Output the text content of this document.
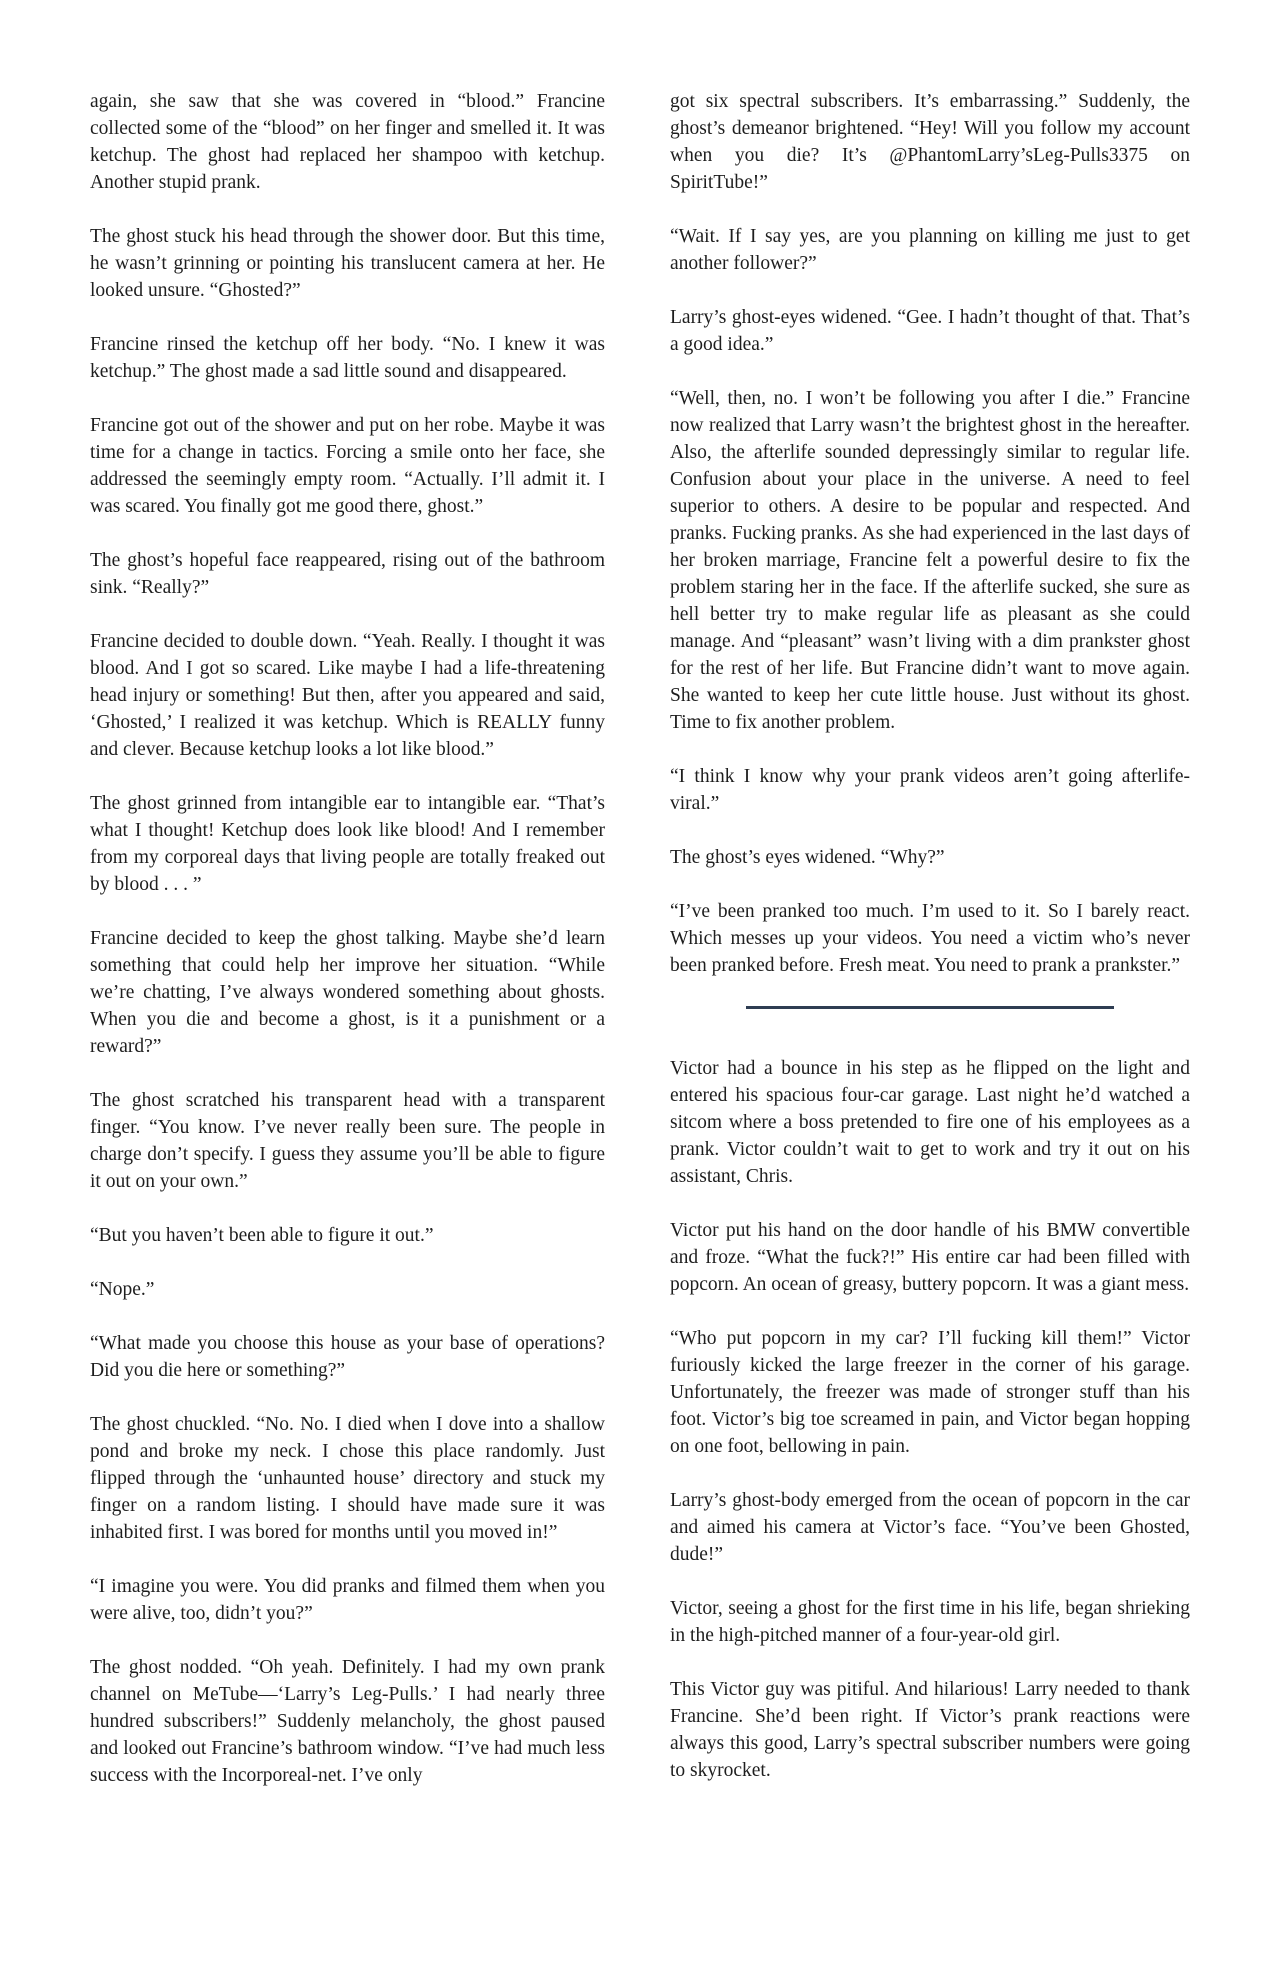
again, she saw that she was covered in “blood.” Francine collected some of the “blood” on her finger and smelled it. It was ketchup. The ghost had replaced her shampoo with ketchup. Another stupid prank.

The ghost stuck his head through the shower door. But this time, he wasn’t grinning or pointing his translucent camera at her. He looked unsure. “Ghosted?”

Francine rinsed the ketchup off her body. “No. I knew it was ketchup.” The ghost made a sad little sound and disappeared.

Francine got out of the shower and put on her robe. Maybe it was time for a change in tactics. Forcing a smile onto her face, she addressed the seemingly empty room. “Actually. I’ll admit it. I was scared. You finally got me good there, ghost.”

The ghost’s hopeful face reappeared, rising out of the bathroom sink. “Really?”

Francine decided to double down. “Yeah. Really. I thought it was blood. And I got so scared. Like maybe I had a life-threatening head injury or something! But then, after you appeared and said, ‘Ghosted,’ I realized it was ketchup. Which is REALLY funny and clever. Because ketchup looks a lot like blood.”

The ghost grinned from intangible ear to intangible ear. “That’s what I thought! Ketchup does look like blood! And I remember from my corporeal days that living people are totally freaked out by blood . . . ”

Francine decided to keep the ghost talking. Maybe she’d learn something that could help her improve her situation. “While we’re chatting, I’ve always wondered something about ghosts. When you die and become a ghost, is it a punishment or a reward?”

The ghost scratched his transparent head with a transparent finger. “You know. I’ve never really been sure. The people in charge don’t specify. I guess they assume you’ll be able to figure it out on your own.”

“But you haven’t been able to figure it out.”

“Nope.”

“What made you choose this house as your base of operations? Did you die here or something?”

The ghost chuckled. “No. No. I died when I dove into a shallow pond and broke my neck. I chose this place randomly. Just flipped through the ‘unhaunted house’ directory and stuck my finger on a random listing. I should have made sure it was inhabited first. I was bored for months until you moved in!”

“I imagine you were. You did pranks and filmed them when you were alive, too, didn’t you?”

The ghost nodded. “Oh yeah. Definitely. I had my own prank channel on MeTube—‘Larry’s Leg-Pulls.’ I had nearly three hundred subscribers!” Suddenly melancholy, the ghost paused and looked out Francine’s bathroom window. “I’ve had much less success with the Incorporeal-net. I’ve only

got six spectral subscribers. It’s embarrassing.” Suddenly, the ghost’s demeanor brightened. “Hey! Will you follow my account when you die? It’s @PhantomLarry’sLeg-Pulls3375 on SpiritTube!”

“Wait. If I say yes, are you planning on killing me just to get another follower?”

Larry’s ghost-eyes widened. “Gee. I hadn’t thought of that. That’s a good idea.”

“Well, then, no. I won’t be following you after I die.” Francine now realized that Larry wasn’t the brightest ghost in the hereafter. Also, the afterlife sounded depressingly similar to regular life. Confusion about your place in the universe. A need to feel superior to others. A desire to be popular and respected. And pranks. Fucking pranks. As she had experienced in the last days of her broken marriage, Francine felt a powerful desire to fix the problem staring her in the face. If the afterlife sucked, she sure as hell better try to make regular life as pleasant as she could manage. And “pleasant” wasn’t living with a dim prankster ghost for the rest of her life. But Francine didn’t want to move again. She wanted to keep her cute little house. Just without its ghost. Time to fix another problem.

“I think I know why your prank videos aren’t going afterlife-viral.”

The ghost’s eyes widened. “Why?”

“I’ve been pranked too much. I’m used to it. So I barely react. Which messes up your videos. You need a victim who’s never been pranked before. Fresh meat. You need to prank a prankster.”

Victor had a bounce in his step as he flipped on the light and entered his spacious four-car garage. Last night he’d watched a sitcom where a boss pretended to fire one of his employees as a prank. Victor couldn’t wait to get to work and try it out on his assistant, Chris.

Victor put his hand on the door handle of his BMW convertible and froze. “What the fuck?!” His entire car had been filled with popcorn. An ocean of greasy, buttery popcorn. It was a giant mess.

“Who put popcorn in my car? I’ll fucking kill them!” Victor furiously kicked the large freezer in the corner of his garage. Unfortunately, the freezer was made of stronger stuff than his foot. Victor’s big toe screamed in pain, and Victor began hopping on one foot, bellowing in pain.

Larry’s ghost-body emerged from the ocean of popcorn in the car and aimed his camera at Victor’s face. “You’ve been Ghosted, dude!”

Victor, seeing a ghost for the first time in his life, began shrieking in the high-pitched manner of a four-year-old girl.

This Victor guy was pitiful. And hilarious! Larry needed to thank Francine. She’d been right. If Victor’s prank reactions were always this good, Larry’s spectral subscriber numbers were going to skyrocket.
